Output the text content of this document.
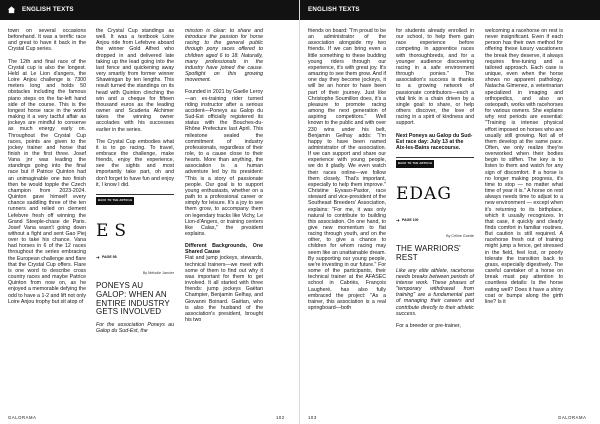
ENGLISH TEXTS

town on several occasions beforehand. It was a terrific race and great to have it back in the Crystal Cup series.

The 12th and final race of the Crystal cup is also the longest. Held at Le Lion d'angers, the Loire Anjou challenge is 7300 meters long and holds 50 obstacles including the famous piano steps on the far-left hand side of the course. This is the longest horse race in the world making it a very tactful affair as jockeys are mindful to conserve as much energy early on. Throughout the Crystal Cup races, points are given to the jockey trainer and horse that finish in the first three. Josef Vana jnr was leading the standings going into the final race but if Patrice Quinton had an unimaginable one two finish then he would topple the Czech champion from 2023-2024. Quinton gave himself every chance saddling three of the ten runners and relied on clement Lefebvre fresh off winning the Grand Steeple-chase de Paris. Josef Vana wasn't going down without a fight and sent Gao Piej over to take his chance. Vana had horses in 6 of the 12 races throughout the series embracing the European challenge and flare that the Crystal Cup offers. Flare is one word to describe cross country races and maybe Patrice Quinton from now on, as he enjoyed a memorable defying the odd to have a 1-2 and lift not only Loire Anjou trophy but sit atop of

the Crystal Cup standings as well. It was a textbook Loire Anjou ride from Lefebvre aboard the winner Gold Alfred who dropped in and delivered late taking up the lead going into the last fence and quickening away very smartly from former winner Shawinigan by ten lengths. This result turned the standings on its head with Quinton clinching the win and a cheque for fifteen thousand euros as the leading owner and Scuderia Alchimer takes the winning owner accolades with his successes earlier in the series.

The Crystal Cup embodies what it is to go racing. To travel, embrace the challenge, make friends, enjoy the experience, see the sights and most importantly take part, oh and don't forget to have fun and enjoy it, I know I did.

BACK TO THE ARTICLE
ES
PAGE 98
By Mélodie Janvier
PONEYS AU GALOP: WHEN AN ENTIRE INDUSTRY GETS INVOLVED

For the association Poneys au Galop du Sud-Est, the

mission is clear: to share and introduce the passion for horse racing to the general public through pony races offered to children aged 6 to 18. Naturally, many professionals in the industry have joined the cause. Spotlight on this growing movement.

Founded in 2021 by Gaelle Leroy—an ex-training rider turned riding instructor after a serious accident—Poneys au Galop du Sud-Est officially registered its status with the Bouches-du-Rhône Prefecture last April. This milestone sealed the commitment of industry professionals, regardless of their role, to a cause close to their hearts. More than anything, the association is a human adventure led by its president: "This is a story of passionate people. Our goal is to support young enthusiasts, whether on a path to a professional career or simply for leisure. It's a joy to see them grow, to accompany them on legendary tracks like Vichy, Le Lion-d'Angers, or training centers like Calas," the president explains.

Different Backgrounds, One Shared Cause

Flat and jump jockeys, stewards, technical trainers—we meet with some of them to find out why it was important for them to get involved. It all started with three friends: jump jockeys Gaëtan Champier, Benjamin Gelhay, and Giovanni Boinard. Gaëtan, who is also the husband of the association's president, brought his two

GALORAMA	102
ENGLISH TEXTS

friends on board: "I'm proud to be an administrator of the association alongside my two friends. If we can bring even a little something to these budding young riders through our experience, it's with great joy. It's amazing to see them grow. And if one day they become jockeys, it will be an honor to have been part of their journey. Just like Christophe Soumillon does, it's a pleasure to promote racing among the next generation of aspiring competitors." Well known to the public and with over 230 wins under his belt, Benjamin Gelhay adds: "I'm happy to have been named administrator of the association. If we can support and share our experience with young people, we do it gladly. We even watch their races online—we follow them closely. That's important, especially to help them improve." Christine Eyvaso-Pastor, race steward and vice-president of the Southeast Breeders' Association, explains: "For me, it was only natural to contribute to building this association. On one hand, to give new momentum to flat racing through youth, and on the other, to give a chance to children for whom racing may seem like an unattainable dream. By supporting our young people, we're investing in our future." For some of the participants, their technical trainer at the AFASEC school in Cabriès, François Laugheré, has also fully embraced the project: "As a trainer, this association is a real springboard—both

for students already enrolled in our school, to help them gain race experience before competing in apprentice races with thoroughbreds, and for a younger audience discovering racing in a safe environment through ponies." The association's success is thanks to a growing network of passionate contributors—each a vital link in a chain driven by a single goal: to share, or help others discover, the love of racing in a spirit of kindness and support.

Next Poneys au Galop du Sud-Est race day: July 13 at the Aix-les-Bains racecourse.

BACK TO THE ARTICLE
EDAG
PAGE 100
By Céline Guédé
THE WARRIORS' REST

Like any elite athlete, racehorse needs breaks between periods of intense work. These phases of "temporary withdrawal from training" are a fundamental part of managing their careers and contribute directly to their athletic success.

For a breeder or pre-trainer,

welcoming a racehorse on rest is never insignificant. Even if each person has their own method for offering these luxury vacationers the break they deserve, it always requires fine-tuning and a tailored approach. Each case is unique, even when the horse shows no apparent pathology. Natacha Gimenez, a veterinarian specialized in imaging and orthopedics, and also an osteopath, works with racehorses for various owners. She explains why rest periods are essential: "Training is intense physical effort imposed on horses who are usually still growing. Not all of them develop at the same pace. Often, we only realize they're overworked when their bodies begin to stiffen. The key is to listen to them and watch for any sign of discomfort. If a horse is no longer making progress, it's time to stop — no matter what time of year it is." A horse on rest always needs time to adjust to a new environment — except when it's returning to its birthplace, which it usually recognizes. In that case, it quickly and clearly finds comfort in familiar routines. But caution is still required. A racehorse fresh out of training might jump a fence, get stressed in the field, feel lost, or poorly tolerate the transition back to grass, especially digestively. The careful caretaker of a horse on break must pay attention to countless details: Is the horse eating well? Does it have a shiny coat or bumps along the girth line? Is it

103	GALORAMA
